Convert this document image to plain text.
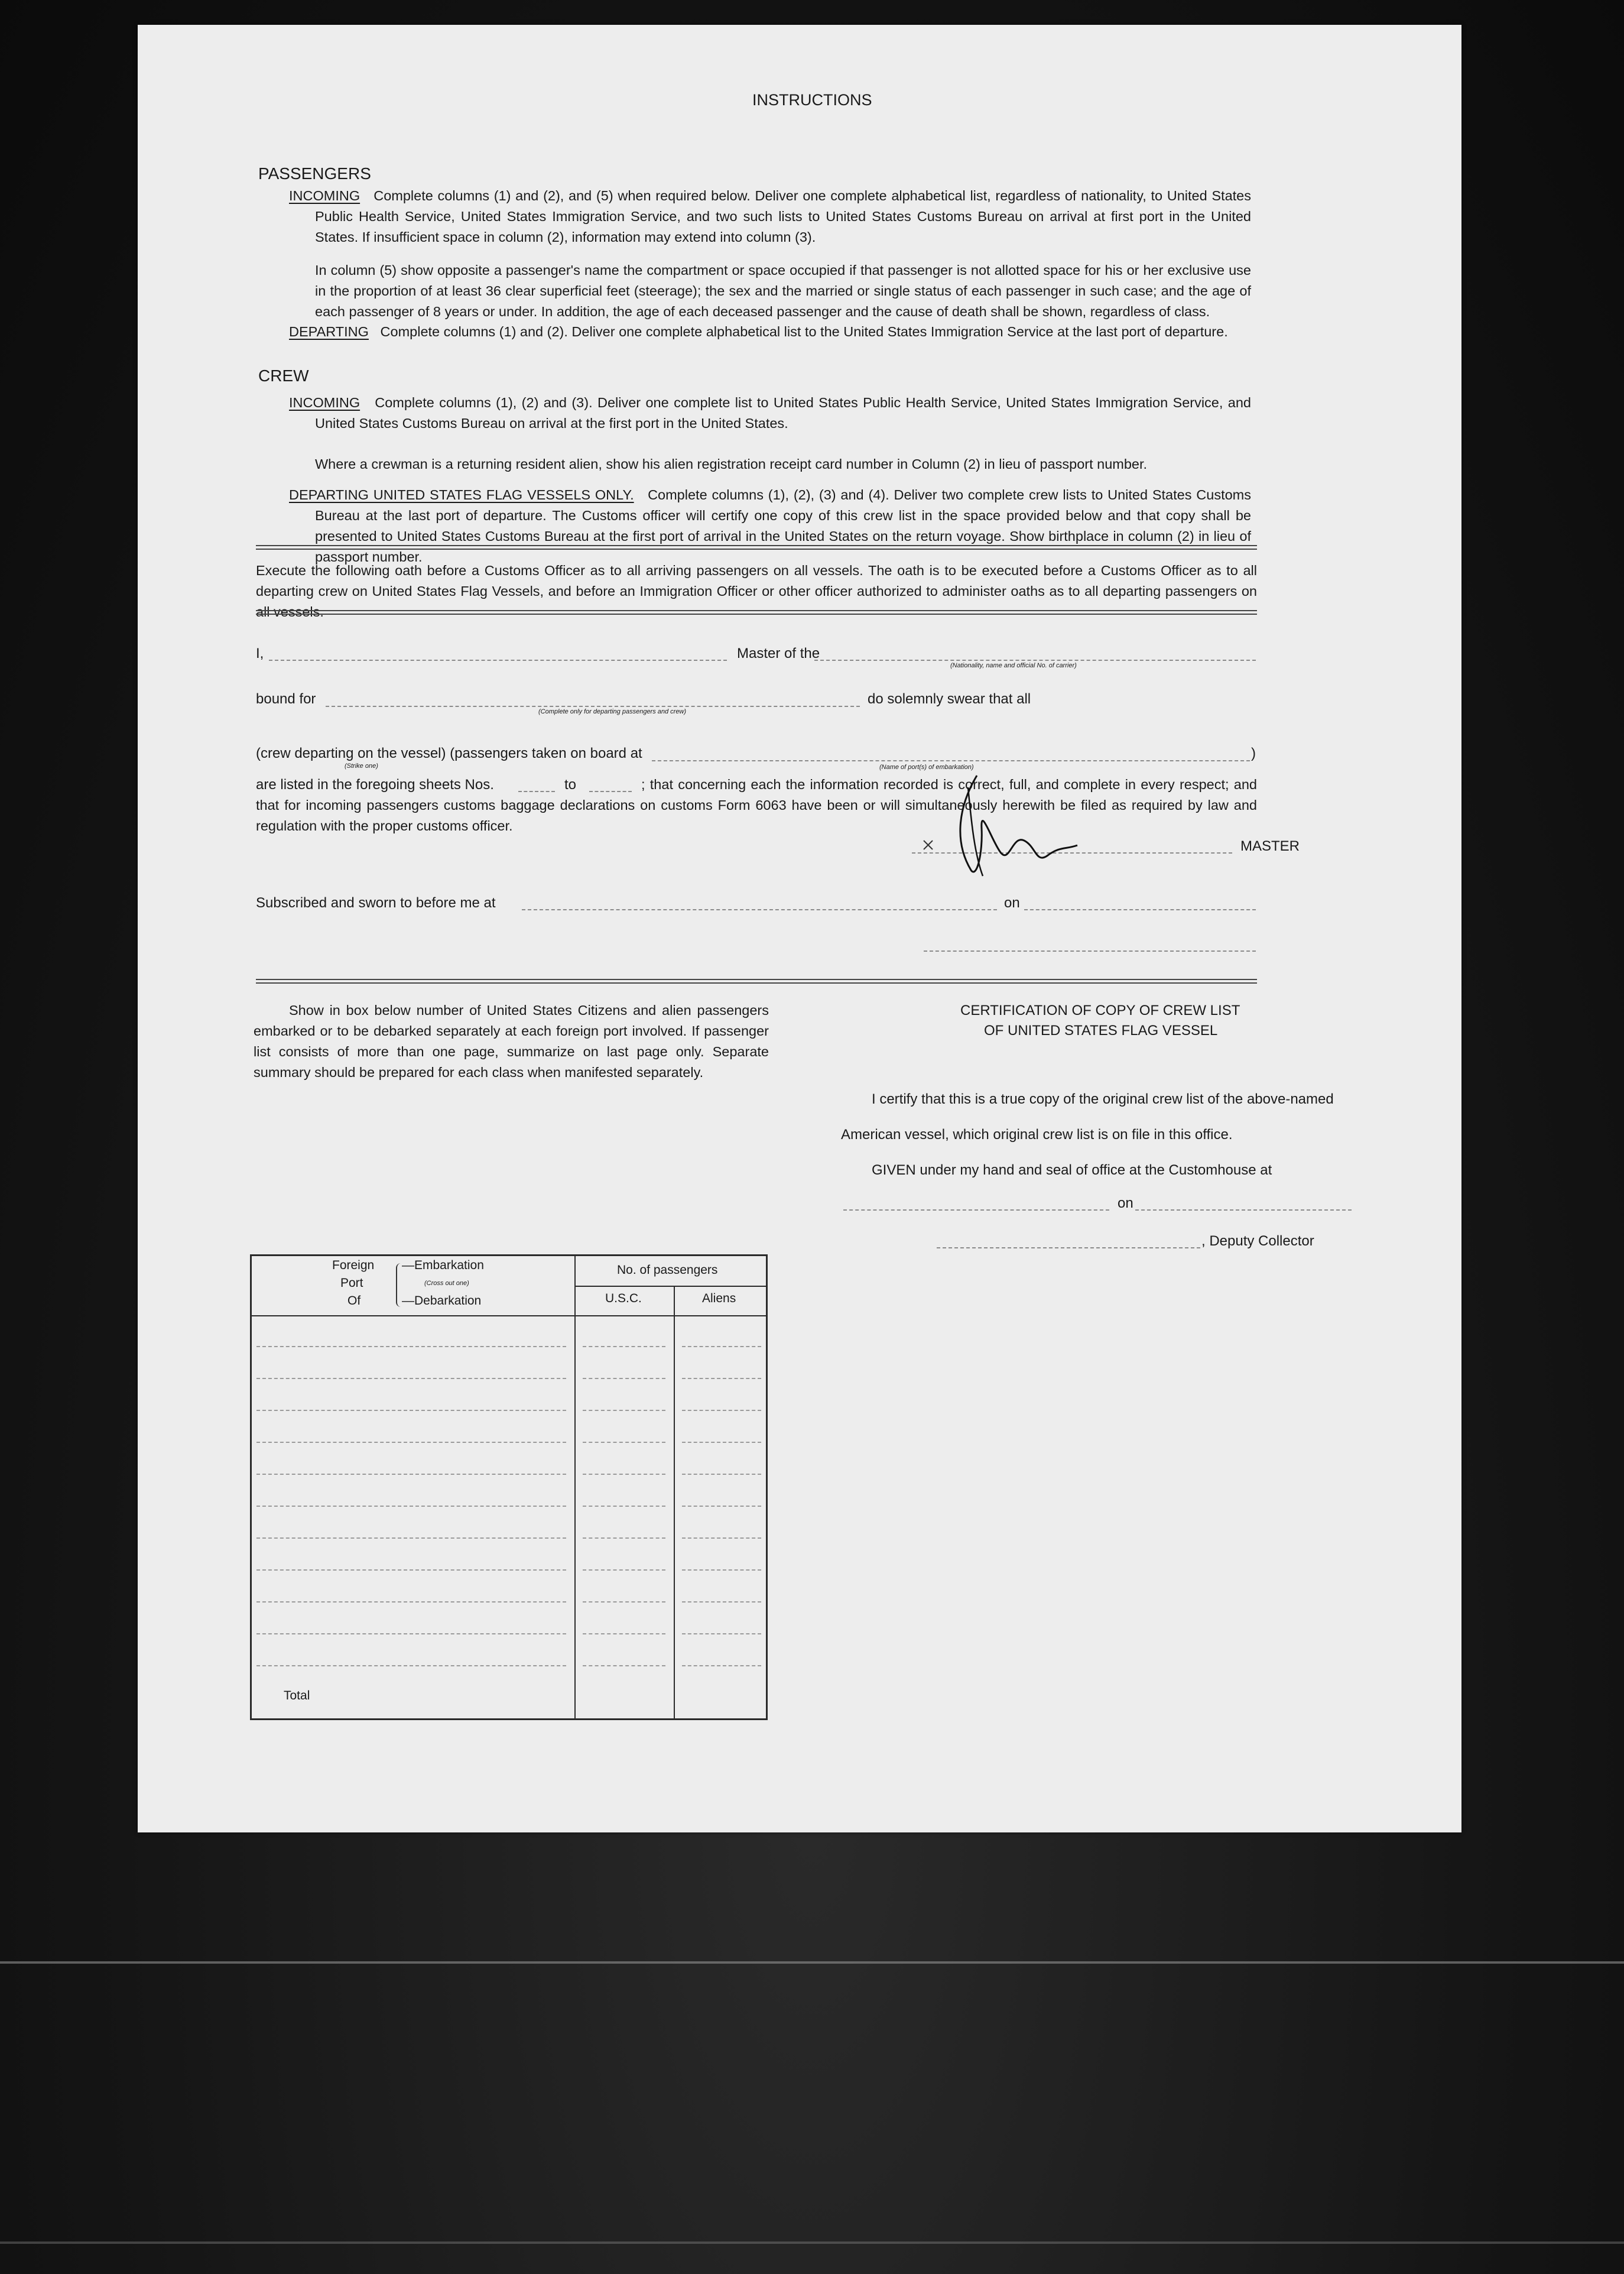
INSTRUCTIONS
PASSENGERS
INCOMING Complete columns (1) and (2), and (5) when required below. Deliver one complete alphabetical list, regardless of nationality, to United States Public Health Service, United States Immigration Service, and two such lists to United States Customs Bureau on arrival at first port in the United States. If insufficient space in column (2), information may extend into column (3).
In column (5) show opposite a passenger's name the compartment or space occupied if that passenger is not allotted space for his or her exclusive use in the proportion of at least 36 clear superficial feet (steerage); the sex and the married or single status of each passenger in such case; and the age of each passenger of 8 years or under. In addition, the age of each deceased passenger and the cause of death shall be shown, regardless of class.
DEPARTING Complete columns (1) and (2). Deliver one complete alphabetical list to the United States Immigration Service at the last port of departure.
CREW
INCOMING Complete columns (1), (2) and (3). Deliver one complete list to United States Public Health Service, United States Immigration Service, and United States Customs Bureau on arrival at the first port in the United States.
Where a crewman is a returning resident alien, show his alien registration receipt card number in Column (2) in lieu of passport number.
DEPARTING UNITED STATES FLAG VESSELS ONLY. Complete columns (1), (2), (3) and (4). Deliver two complete crew lists to United States Customs Bureau at the last port of departure. The Customs officer will certify one copy of this crew list in the space provided below and that copy shall be presented to United States Customs Bureau at the first port of arrival in the United States on the return voyage. Show birthplace in column (2) in lieu of passport number.
Execute the following oath before a Customs Officer as to all arriving passengers on all vessels. The oath is to be executed before a Customs Officer as to all departing crew on United States Flag Vessels, and before an Immigration Officer or other officer authorized to administer oaths as to all departing passengers on all vessels.
I,	Master of the
(Nationality, name and official No. of carrier)
bound for
(Complete only for departing passengers and crew)
do solemnly swear that all
(crew departing on the vessel) (passengers taken on board at
(Strike one)	(Name of port(s) of embarkation)
)
are listed in the foregoing sheets Nos.	to	; that concerning each the information recorded is correct, full, and complete in every respect; and that for incoming passengers customs baggage declarations on customs Form 6063 have been or will simultaneously herewith be filed as required by law and regulation with the proper customs officer.
MASTER
Subscribed and sworn to before me at	on
Show in box below number of United States Citizens and alien passengers embarked or to be debarked separately at each foreign port involved. If passenger list consists of more than one page, summarize on last page only. Separate summary should be prepared for each class when manifested separately.
Foreign
Port
Of
—Embarkation
(Cross out one)
—Debarkation
No. of passengers
U.S.C.	Aliens
Total
CERTIFICATION OF COPY OF CREW LIST
OF UNITED STATES FLAG VESSEL
I certify that this is a true copy of the original crew list of the above-named
American vessel, which original crew list is on file in this office.
GIVEN under my hand and seal of office at the Customhouse at
on
, Deputy Collector
